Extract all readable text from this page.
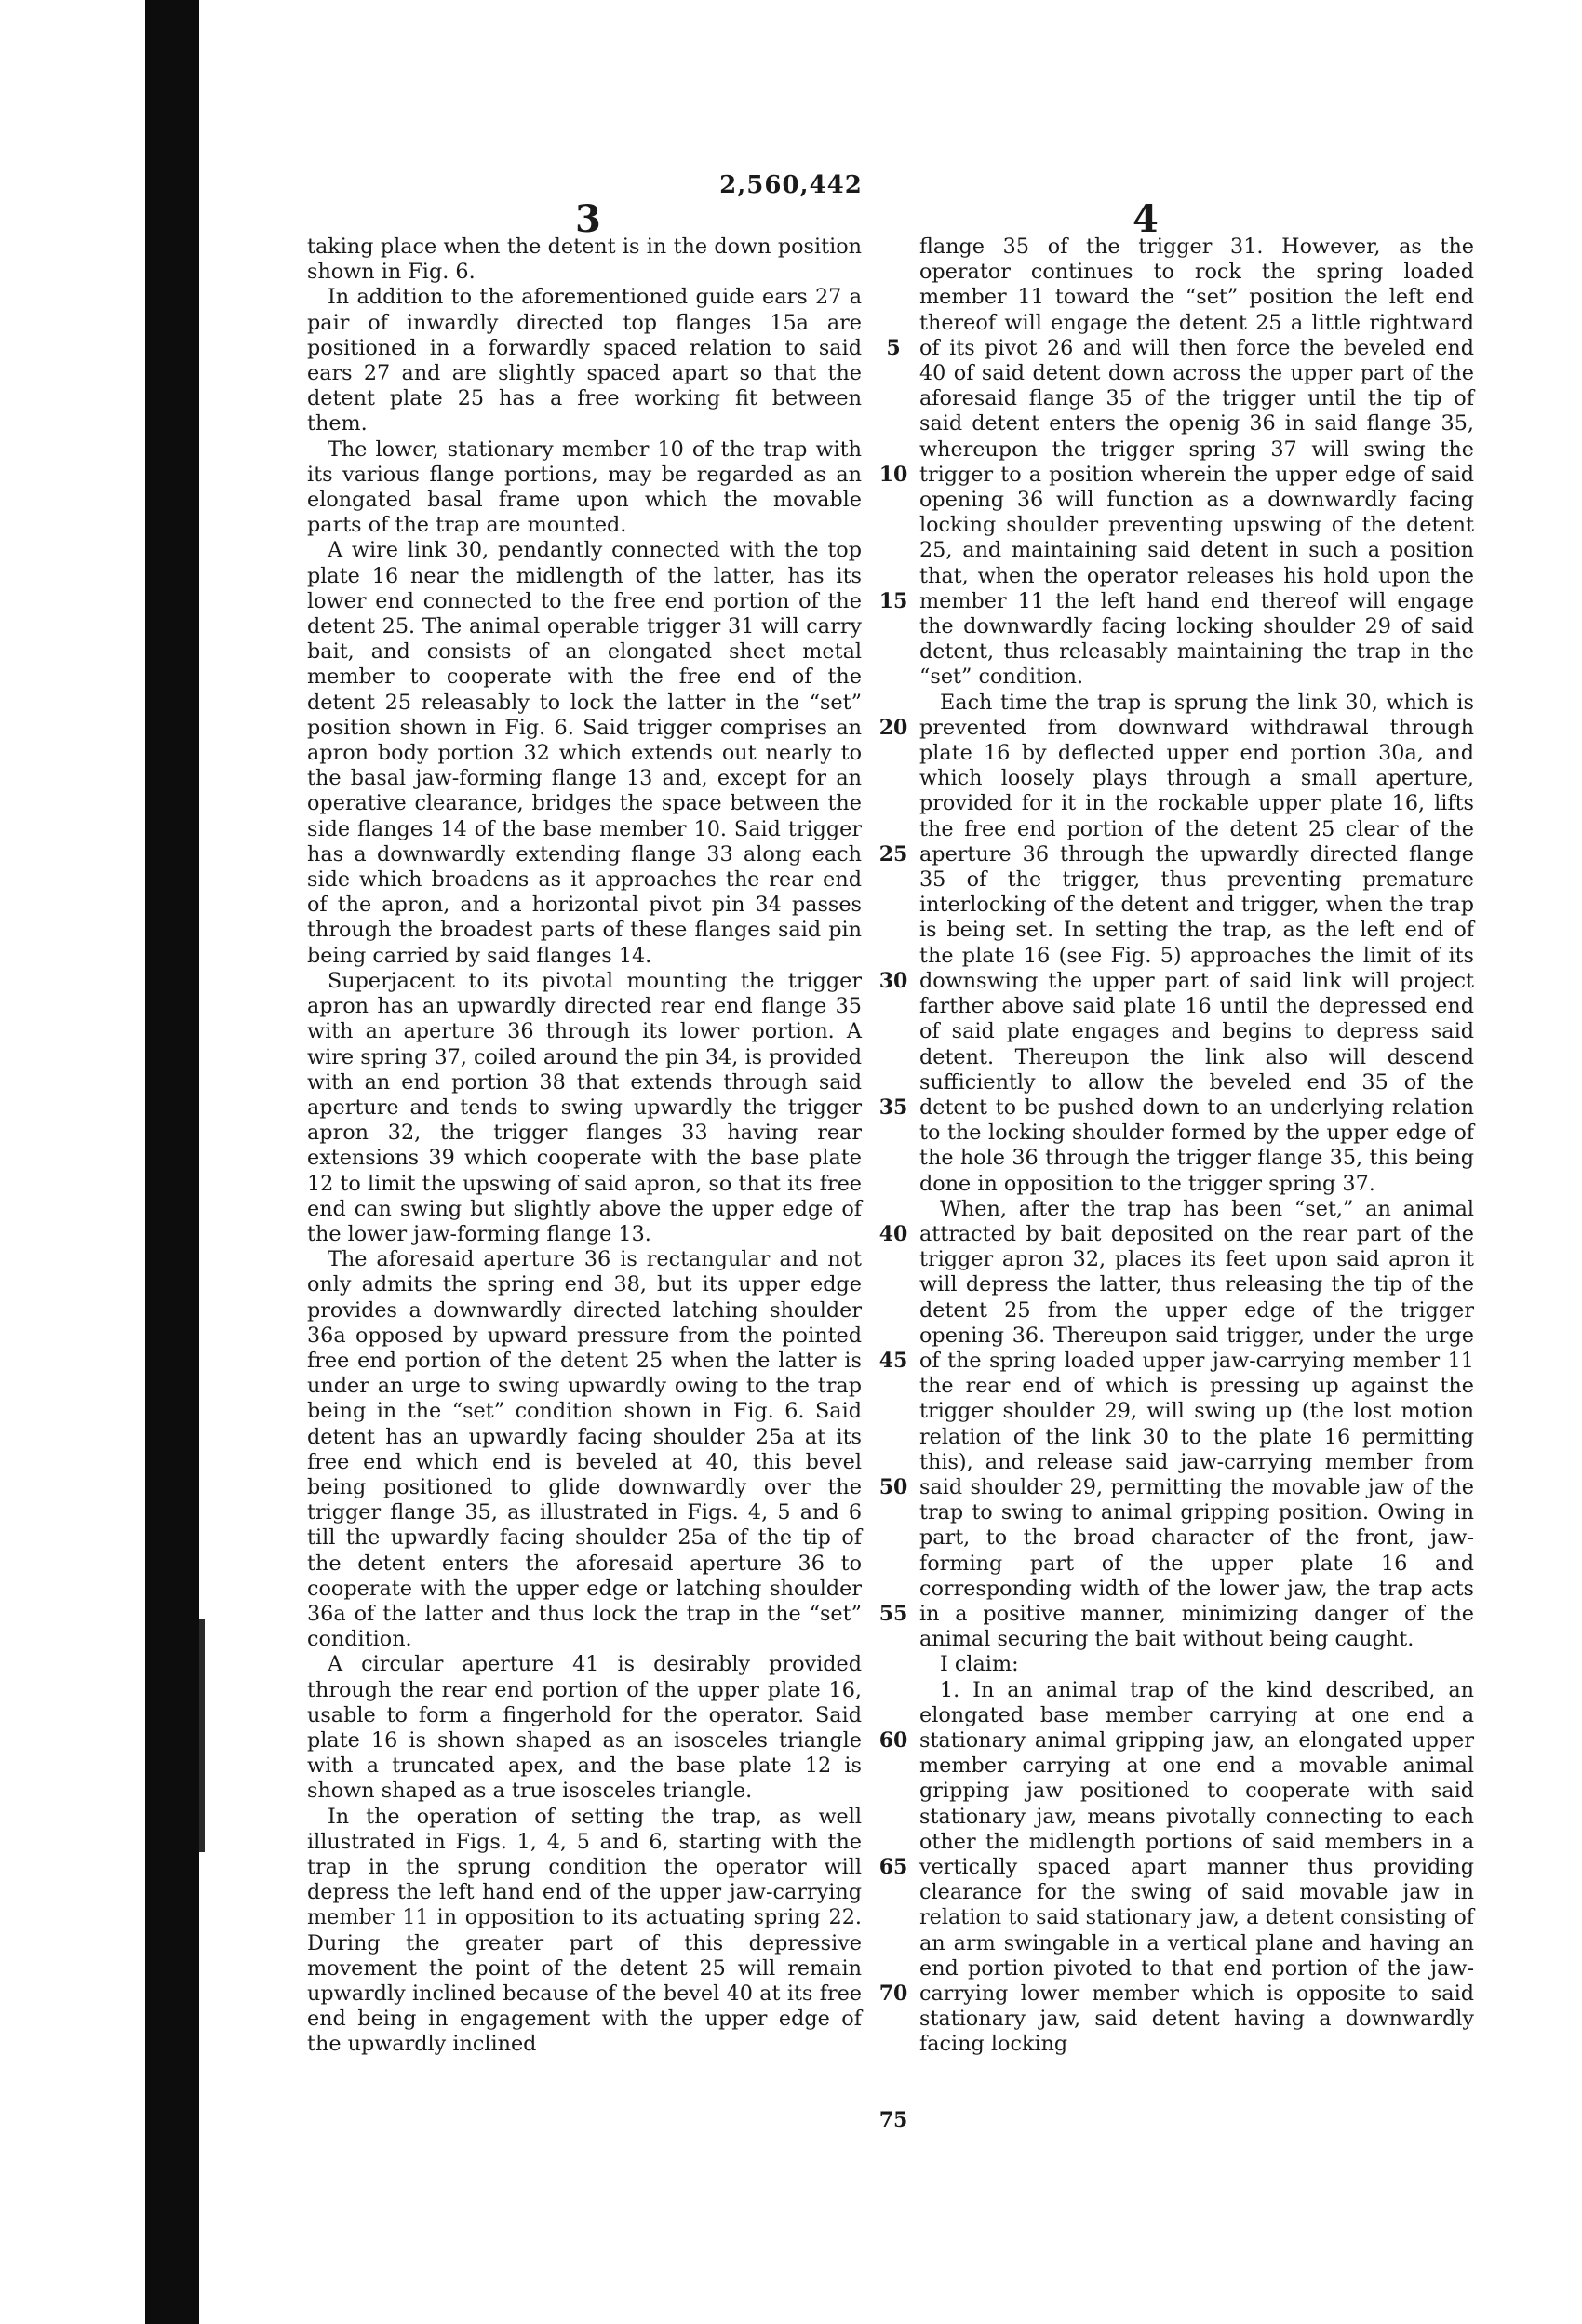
2,560,442
3	4

taking place when the detent is in the down position shown in Fig. 6.

In addition to the aforementioned guide ears 27 a pair of inwardly directed top flanges 15a are positioned in a forwardly spaced relation to said ears 27 and are slightly spaced apart so that the detent plate 25 has a free working fit between them.

The lower, stationary member 10 of the trap with its various flange portions, may be regarded as an elongated basal frame upon which the movable parts of the trap are mounted.

A wire link 30, pendantly connected with the top plate 16 near the midlength of the latter, has its lower end connected to the free end portion of the detent 25. The animal operable trigger 31 will carry bait, and consists of an elongated sheet metal member to cooperate with the free end of the detent 25 releasably to lock the latter in the “set” position shown in Fig. 6. Said trigger comprises an apron body portion 32 which extends out nearly to the basal jaw-forming flange 13 and, except for an operative clearance, bridges the space between the side flanges 14 of the base member 10. Said trigger has a downwardly extending flange 33 along each side which broadens as it approaches the rear end of the apron, and a horizontal pivot pin 34 passes through the broadest parts of these flanges said pin being carried by said flanges 14.

Superjacent to its pivotal mounting the trigger apron has an upwardly directed rear end flange 35 with an aperture 36 through its lower portion. A wire spring 37, coiled around the pin 34, is provided with an end portion 38 that extends through said aperture and tends to swing upwardly the trigger apron 32, the trigger flanges 33 having rear extensions 39 which cooperate with the base plate 12 to limit the upswing of said apron, so that its free end can swing but slightly above the upper edge of the lower jaw-forming flange 13.

The aforesaid aperture 36 is rectangular and not only admits the spring end 38, but its upper edge provides a downwardly directed latching shoulder 36a opposed by upward pressure from the pointed free end portion of the detent 25 when the latter is under an urge to swing upwardly owing to the trap being in the “set” condition shown in Fig. 6. Said detent has an upwardly facing shoulder 25a at its free end which end is beveled at 40, this bevel being positioned to glide downwardly over the trigger flange 35, as illustrated in Figs. 4, 5 and 6 till the upwardly facing shoulder 25a of the tip of the detent enters the aforesaid aperture 36 to cooperate with the upper edge or latching shoulder 36a of the latter and thus lock the trap in the “set” condition.

A circular aperture 41 is desirably provided through the rear end portion of the upper plate 16, usable to form a fingerhold for the operator. Said plate 16 is shown shaped as an isosceles triangle with a truncated apex, and the base plate 12 is shown shaped as a true isosceles triangle.

In the operation of setting the trap, as well illustrated in Figs. 1, 4, 5 and 6, starting with the trap in the sprung condition the operator will depress the left hand end of the upper jaw-carrying member 11 in opposition to its actuating spring 22. During the greater part of this depressive movement the point of the detent 25 will remain upwardly inclined because of the bevel 40 at its free end being in engagement with the upper edge of the upwardly inclined

flange 35 of the trigger 31. However, as the operator continues to rock the spring loaded member 11 toward the “set” position the left end thereof will engage the detent 25 a little rightward of its pivot 26 and will then force the beveled end 40 of said detent down across the upper part of the aforesaid flange 35 of the trigger until the tip of said detent enters the openig 36 in said flange 35, whereupon the trigger spring 37 will swing the trigger to a position wherein the upper edge of said opening 36 will function as a downwardly facing locking shoulder preventing upswing of the detent 25, and maintaining said detent in such a position that, when the operator releases his hold upon the member 11 the left hand end thereof will engage the downwardly facing locking shoulder 29 of said detent, thus releasably maintaining the trap in the “set” condition.

Each time the trap is sprung the link 30, which is prevented from downward withdrawal through plate 16 by deflected upper end portion 30a, and which loosely plays through a small aperture, provided for it in the rockable upper plate 16, lifts the free end portion of the detent 25 clear of the aperture 36 through the upwardly directed flange 35 of the trigger, thus preventing premature interlocking of the detent and trigger, when the trap is being set. In setting the trap, as the left end of the plate 16 (see Fig. 5) approaches the limit of its downswing the upper part of said link will project farther above said plate 16 until the depressed end of said plate engages and begins to depress said detent. Thereupon the link also will descend sufficiently to allow the beveled end 35 of the detent to be pushed down to an underlying relation to the locking shoulder formed by the upper edge of the hole 36 through the trigger flange 35, this being done in opposition to the trigger spring 37.

When, after the trap has been “set,” an animal attracted by bait deposited on the rear part of the trigger apron 32, places its feet upon said apron it will depress the latter, thus releasing the tip of the detent 25 from the upper edge of the trigger opening 36. Thereupon said trigger, under the urge of the spring loaded upper jaw-carrying member 11 the rear end of which is pressing up against the trigger shoulder 29, will swing up (the lost motion relation of the link 30 to the plate 16 permitting this), and release said jaw-carrying member from said shoulder 29, permitting the movable jaw of the trap to swing to animal gripping position. Owing in part, to the broad character of the front, jaw-forming part of the upper plate 16 and corresponding width of the lower jaw, the trap acts in a positive manner, minimizing danger of the animal securing the bait without being caught.

I claim:

1. In an animal trap of the kind described, an elongated base member carrying at one end a stationary animal gripping jaw, an elongated upper member carrying at one end a movable animal gripping jaw positioned to cooperate with said stationary jaw, means pivotally connecting to each other the midlength portions of said members in a vertically spaced apart manner thus providing clearance for the swing of said movable jaw in relation to said stationary jaw, a detent consisting of an arm swingable in a vertical plane and having an end portion pivoted to that end portion of the jaw-carrying lower member which is opposite to said stationary jaw, said detent having a downwardly facing locking

5
10
15
20
25
30
35
40
45
50
55
60
65
70
75
